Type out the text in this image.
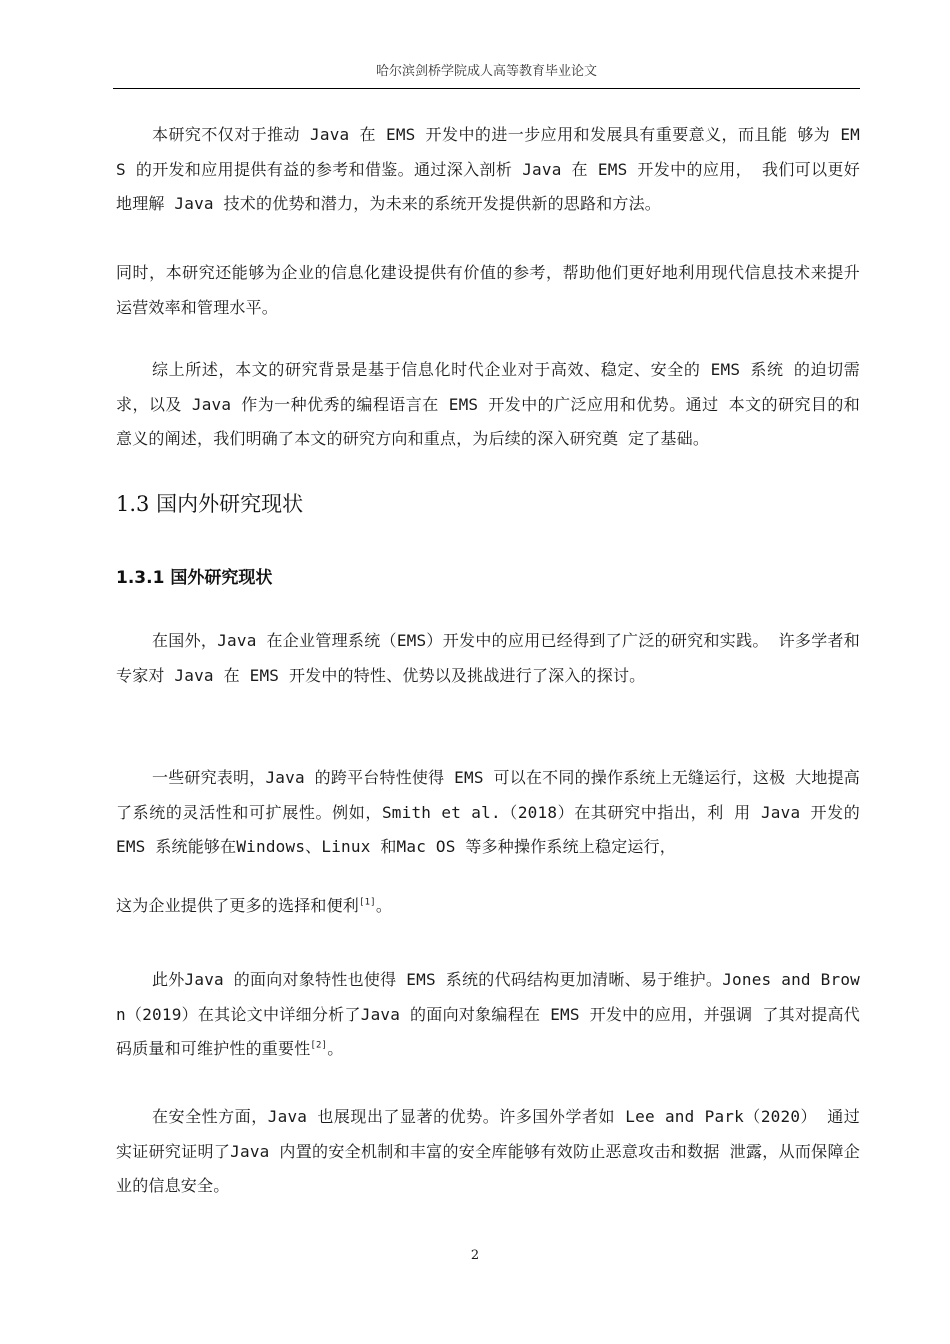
哈尔滨剑桥学院成人高等教育毕业论文
本研究不仅对于推动 Java 在 EMS 开发中的进一步应用和发展具有重要意义，而且能 够为 EMS 的开发和应用提供有益的参考和借鉴。通过深入剖析 Java 在 EMS 开发中的应用， 我们可以更好地理解 Java 技术的优势和潜力，为未来的系统开发提供新的思路和方法。
同时，本研究还能够为企业的信息化建设提供有价值的参考，帮助他们更好地利用现代信息技术来提升运营效率和管理水平。
综上所述，本文的研究背景是基于信息化时代企业对于高效、稳定、安全的 EMS 系统 的迫切需求，以及 Java 作为一种优秀的编程语言在 EMS 开发中的广泛应用和优势。通过 本文的研究目的和意义的阐述，我们明确了本文的研究方向和重点，为后续的深入研究奠 定了基础。
1.3 国内外研究现状
1.3.1 国外研究现状
在国外，Java 在企业管理系统（EMS）开发中的应用已经得到了广泛的研究和实践。 许多学者和专家对 Java 在 EMS 开发中的特性、优势以及挑战进行了深入的探讨。
一些研究表明，Java 的跨平台特性使得 EMS 可以在不同的操作系统上无缝运行，这极 大地提高了系统的灵活性和可扩展性。例如，Smith et al.（2018）在其研究中指出，利 用 Java 开发的 EMS 系统能够在Windows、Linux 和Mac OS 等多种操作系统上稳定运行，
这为企业提供了更多的选择和便利[1]。
此外Java 的面向对象特性也使得 EMS 系统的代码结构更加清晰、易于维护。Jones and Brown（2019）在其论文中详细分析了Java 的面向对象编程在 EMS 开发中的应用，并强调 了其对提高代码质量和可维护性的重要性[2]。
在安全性方面，Java 也展现出了显著的优势。许多国外学者如 Lee and Park（2020） 通过实证研究证明了Java 内置的安全机制和丰富的安全库能够有效防止恶意攻击和数据 泄露，从而保障企业的信息安全。
2
